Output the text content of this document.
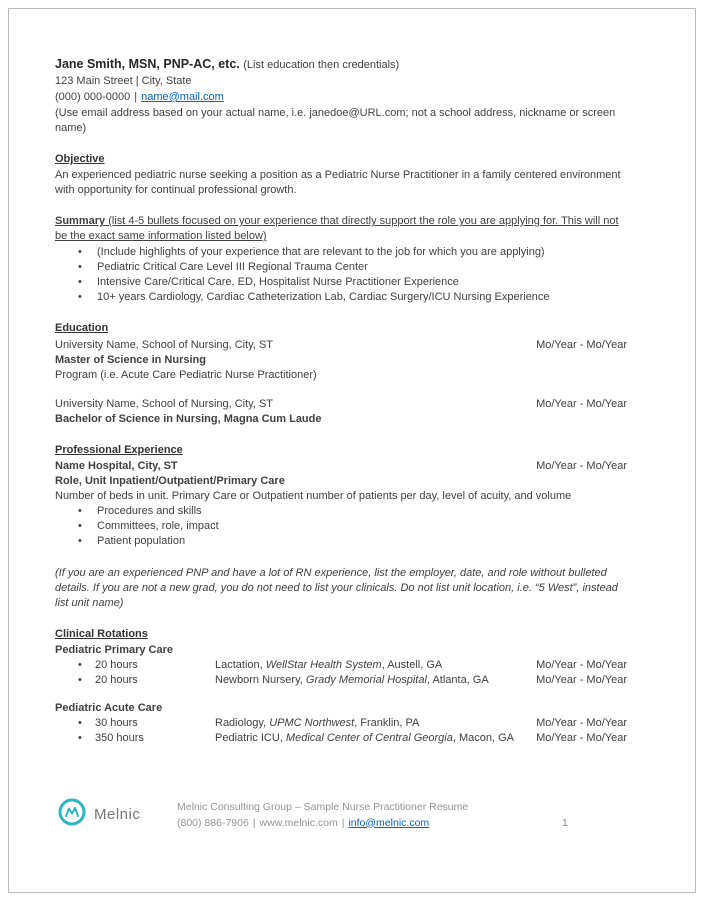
Jane Smith, MSN, PNP-AC, etc. (List education then credentials)
123 Main Street | City, State
(000) 000-0000 | name@mail.com
(Use email address based on your actual name, i.e. janedoe@URL.com; not a school address, nickname or screen name)
Objective
An experienced pediatric nurse seeking a position as a Pediatric Nurse Practitioner in a family centered environment with opportunity for continual professional growth.
Summary (list 4-5 bullets focused on your experience that directly support the role you are applying for. This will not be the exact same information listed below)
•	(Include highlights of your experience that are relevant to the job for which you are applying)
•	Pediatric Critical Care Level III Regional Trauma Center
•	Intensive Care/Critical Care, ED, Hospitalist Nurse Practitioner Experience
•	10+ years Cardiology, Cardiac Catheterization Lab, Cardiac Surgery/ICU Nursing Experience
Education
University Name, School of Nursing, City, ST	Mo/Year - Mo/Year
Master of Science in Nursing
Program (i.e. Acute Care Pediatric Nurse Practitioner)
University Name, School of Nursing, City, ST	Mo/Year - Mo/Year
Bachelor of Science in Nursing, Magna Cum Laude
Professional Experience
Name Hospital, City, ST	Mo/Year - Mo/Year
Role, Unit Inpatient/Outpatient/Primary Care
Number of beds in unit. Primary Care or Outpatient number of patients per day, level of acuity, and volume
•	Procedures and skills
•	Committees, role, impact
•	Patient population
(If you are an experienced PNP and have a lot of RN experience, list the employer, date, and role without bulleted details. If you are not a new grad, you do not need to list your clinicals. Do not list unit location, i.e. “5 West”, instead list unit name)
Clinical Rotations
Pediatric Primary Care
•	20 hours	Lactation, WellStar Health System, Austell, GA	Mo/Year - Mo/Year
•	20 hours	Newborn Nursery, Grady Memorial Hospital, Atlanta, GA	Mo/Year - Mo/Year
Pediatric Acute Care
•	30 hours	Radiology, UPMC Northwest, Franklin, PA	Mo/Year - Mo/Year
•	350 hours	Pediatric ICU, Medical Center of Central Georgia, Macon, GA	Mo/Year - Mo/Year
Melnic	Melnic Consulting Group – Sample Nurse Practitioner Resume
(800) 886-7906 | www.melnic.com | info@melnic.com	1
